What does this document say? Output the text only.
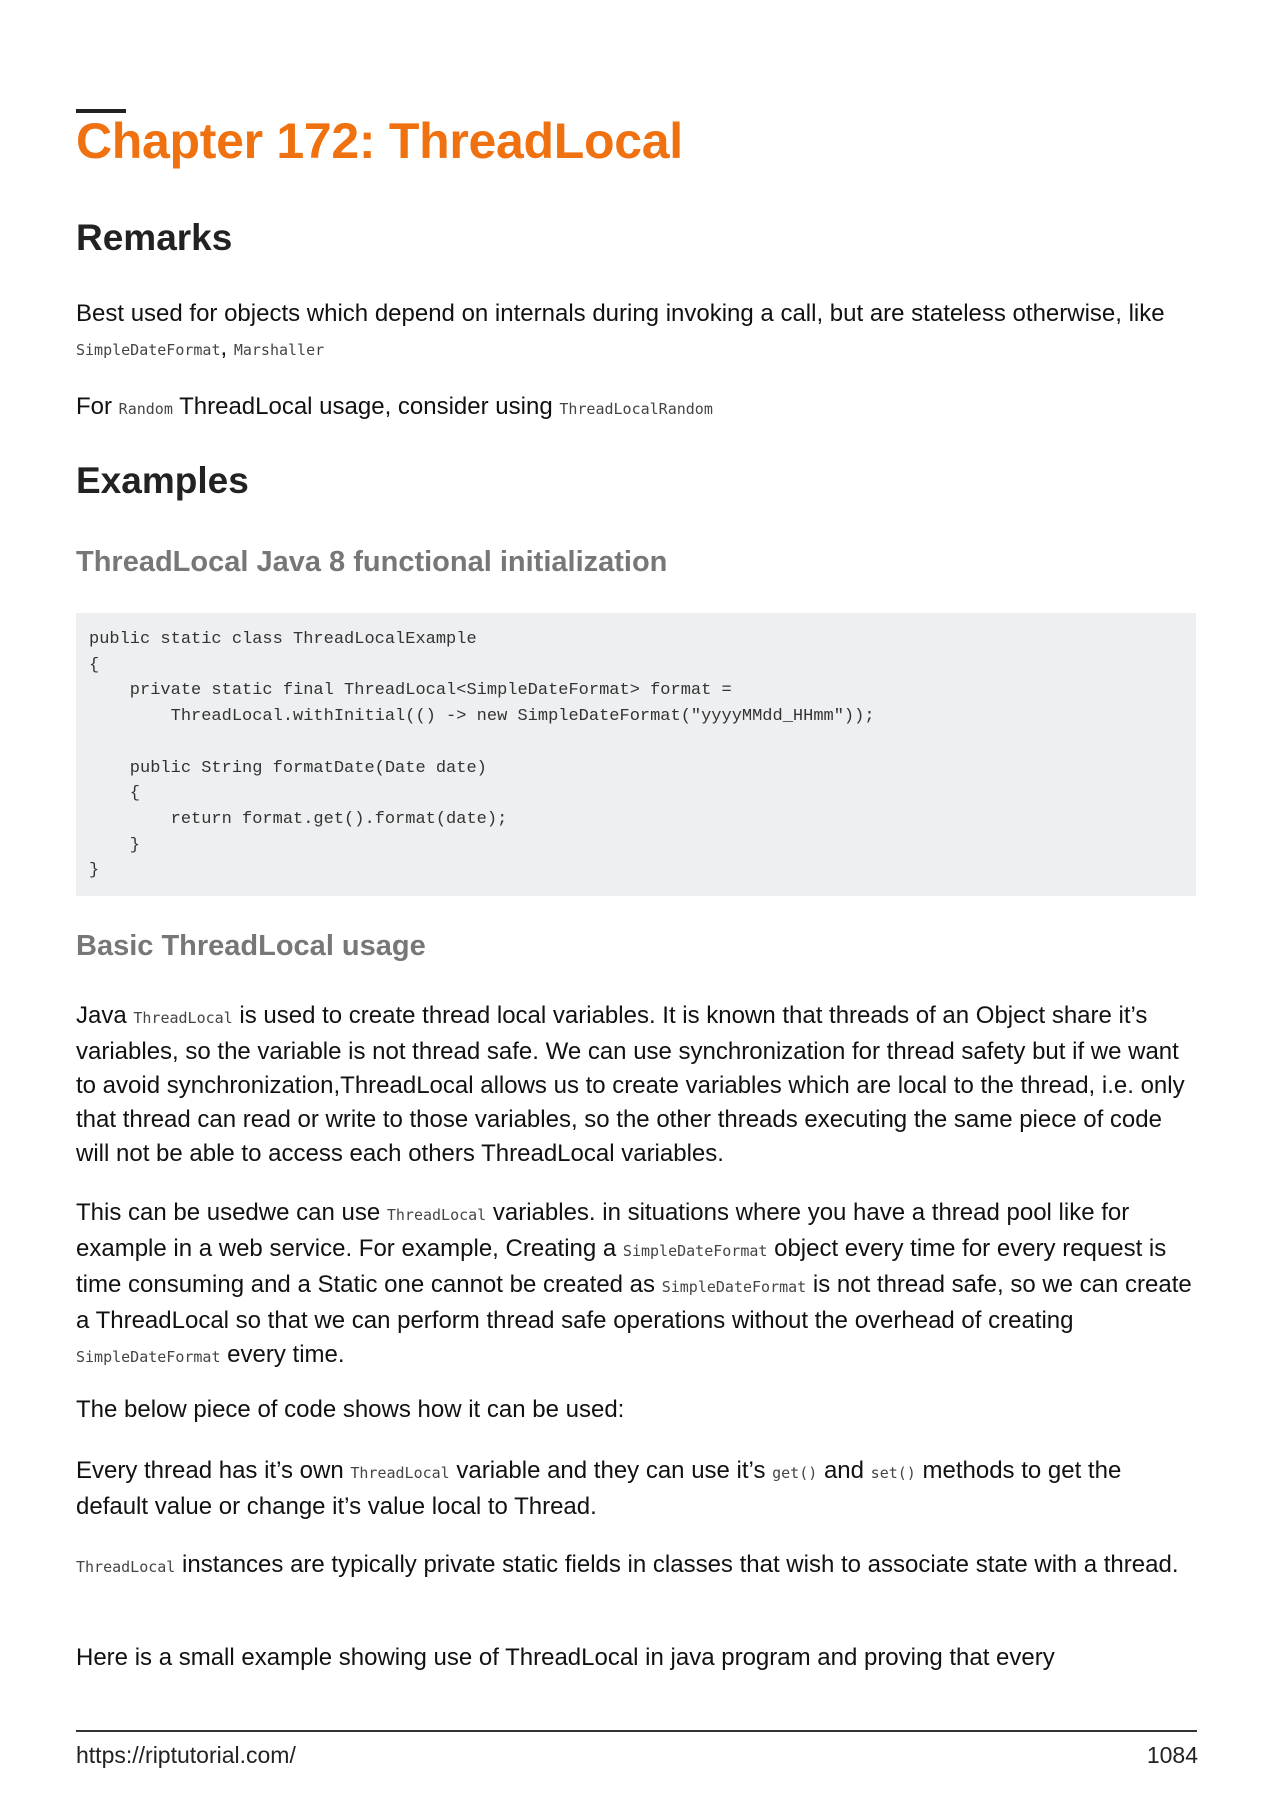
Chapter 172: ThreadLocal
Remarks

Best used for objects which depend on internals during invoking a call, but are stateless otherwise, like SimpleDateFormat, Marshaller

For Random ThreadLocal usage, consider using ThreadLocalRandom

Examples
ThreadLocal Java 8 functional initialization
public static class ThreadLocalExample
{
private static final ThreadLocal<SimpleDateFormat> format =
ThreadLocal.withInitial(() -> new SimpleDateFormat("yyyyMMdd_HHmm"));

public String formatDate(Date date)
{
return format.get().format(date);
}
}
Basic ThreadLocal usage

Java ThreadLocal is used to create thread local variables. It is known that threads of an Object share it’s variables, so the variable is not thread safe. We can use synchronization for thread safety but if we want to avoid synchronization,ThreadLocal allows us to create variables which are local to the thread, i.e. only that thread can read or write to those variables, so the other threads executing the same piece of code will not be able to access each others ThreadLocal variables.

This can be usedwe can use ThreadLocal variables. in situations where you have a thread pool like for example in a web service. For example, Creating a SimpleDateFormat object every time for every request is time consuming and a Static one cannot be created as SimpleDateFormat is not thread safe, so we can create a ThreadLocal so that we can perform thread safe operations without the overhead of creating SimpleDateFormat every time.

The below piece of code shows how it can be used:

Every thread has it’s own ThreadLocal variable and they can use it’s get() and set() methods to get the default value or change it’s value local to Thread.

ThreadLocal instances are typically private static fields in classes that wish to associate state with a thread.

Here is a small example showing use of ThreadLocal in java program and proving that every

https://riptutorial.com/	1084
